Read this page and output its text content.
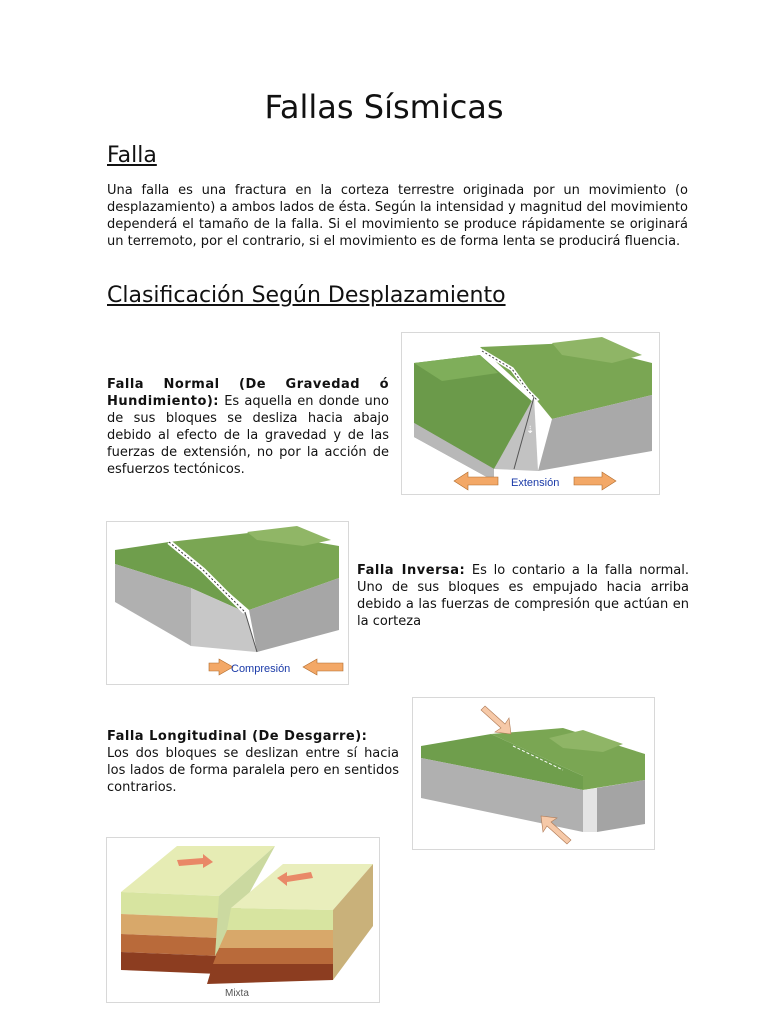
Fallas Sísmicas
Falla
Una falla es una fractura en la corteza terrestre originada por un movimiento (o desplazamiento) a ambos lados de ésta. Según la intensidad y magnitud del movimiento dependerá el tamaño de la falla. Si el movimiento se produce rápidamente se originará un terremoto, por el contrario, si el movimiento es de forma lenta se producirá fluencia.
Clasificación Según Desplazamiento
Falla Normal (De Gravedad ó Hundimiento): Es aquella en donde uno de sus bloques se desliza hacia abajo debido al efecto de la gravedad y de las fuerzas de extensión, no por la acción de esfuerzos tectónicos.
⇣⇡
Extensión
Compresión
Falla Inversa: Es lo contario a la falla normal. Uno de sus bloques es empujado hacia arriba debido a las fuerzas de compresión que actúan en la corteza
Falla Longitudinal (De Desgarre):
Los dos bloques se deslizan entre sí hacia los lados de forma paralela pero en sentidos contrarios.
Mixta
